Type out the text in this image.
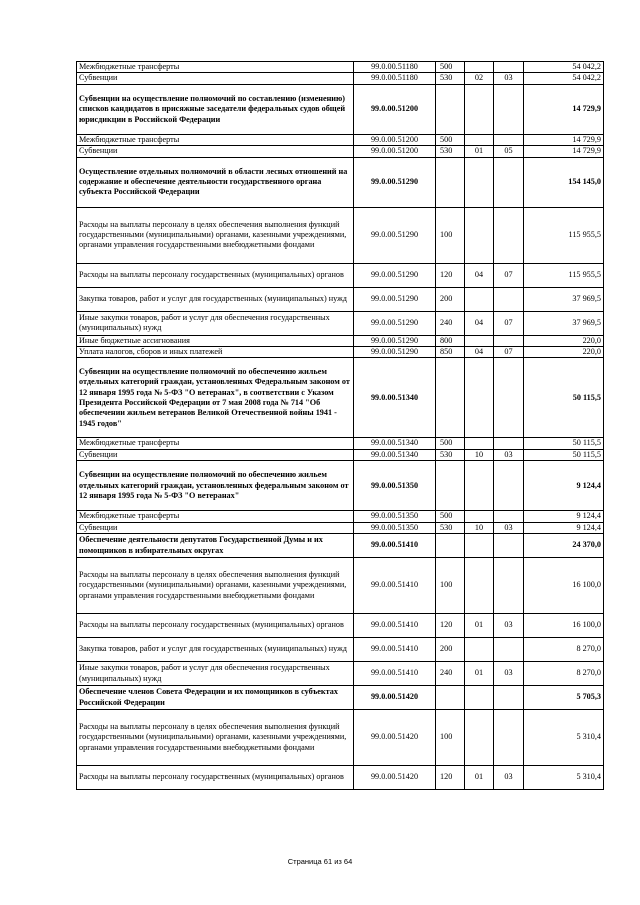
Межбюджетные трансферты	99.0.00.51180	500			54 042,2
Субвенции	99.0.00.51180	530	02	03	54 042,2
Субвенции на осуществление полномочий по составлению (изменению) списков кандидатов в присяжные заседатели федеральных судов общей юрисдикции в Российской Федерации	99.0.00.51200				14 729,9
Межбюджетные трансферты	99.0.00.51200	500			14 729,9
Субвенции	99.0.00.51200	530	01	05	14 729,9
Осуществление отдельных полномочий в области лесных отношений на содержание и обеспечение деятельности государственного органа субъекта Российской Федерации	99.0.00.51290				154 145,0
Расходы на выплаты персоналу в целях обеспечения выполнения функций государственными (муниципальными) органами, казенными учреждениями, органами управления государственными внебюджетными фондами	99.0.00.51290	100			115 955,5
Расходы на выплаты персоналу государственных (муниципальных) органов	99.0.00.51290	120	04	07	115 955,5
Закупка товаров, работ и услуг для государственных (муниципальных) нужд	99.0.00.51290	200			37 969,5
Иные закупки товаров, работ и услуг для обеспечения государственных (муниципальных) нужд	99.0.00.51290	240	04	07	37 969,5
Иные бюджетные ассигнования	99.0.00.51290	800			220,0
Уплата налогов, сборов и иных платежей	99.0.00.51290	850	04	07	220,0
Субвенции на осуществление полномочий по обеспечению жильем отдельных категорий граждан, установленных Федеральным законом от 12 января 1995 года № 5-ФЗ "О ветеранах", в соответствии с Указом Президента Российской Федерации от 7 мая 2008 года № 714 "Об обеспечении жильем ветеранов Великой Отечественной войны 1941 - 1945 годов"	99.0.00.51340				50 115,5
Межбюджетные трансферты	99.0.00.51340	500			50 115,5
Субвенции	99.0.00.51340	530	10	03	50 115,5
Субвенции на осуществление полномочий по обеспечению жильем отдельных категорий граждан, установленных федеральным законом от 12 января 1995 года № 5-ФЗ "О ветеранах"	99.0.00.51350				9 124,4
Межбюджетные трансферты	99.0.00.51350	500			9 124,4
Субвенции	99.0.00.51350	530	10	03	9 124,4
Обеспечение деятельности депутатов Государственной Думы и их помощников в избирательных округах	99.0.00.51410				24 370,0
Расходы на выплаты персоналу в целях обеспечения выполнения функций государственными (муниципальными) органами, казенными учреждениями, органами управления государственными внебюджетными фондами	99.0.00.51410	100			16 100,0
Расходы на выплаты персоналу государственных (муниципальных) органов	99.0.00.51410	120	01	03	16 100,0
Закупка товаров, работ и услуг для государственных (муниципальных) нужд	99.0.00.51410	200			8 270,0
Иные закупки товаров, работ и услуг для обеспечения государственных (муниципальных) нужд	99.0.00.51410	240	01	03	8 270,0
Обеспечение членов Совета Федерации и их помощников в субъектах Российской Федерации	99.0.00.51420				5 705,3
Расходы на выплаты персоналу в целях обеспечения выполнения функций государственными (муниципальными) органами, казенными учреждениями, органами управления государственными внебюджетными фондами	99.0.00.51420	100			5 310,4
Расходы на выплаты персоналу государственных (муниципальных) органов	99.0.00.51420	120	01	03	5 310,4
Страница 61 из 64
